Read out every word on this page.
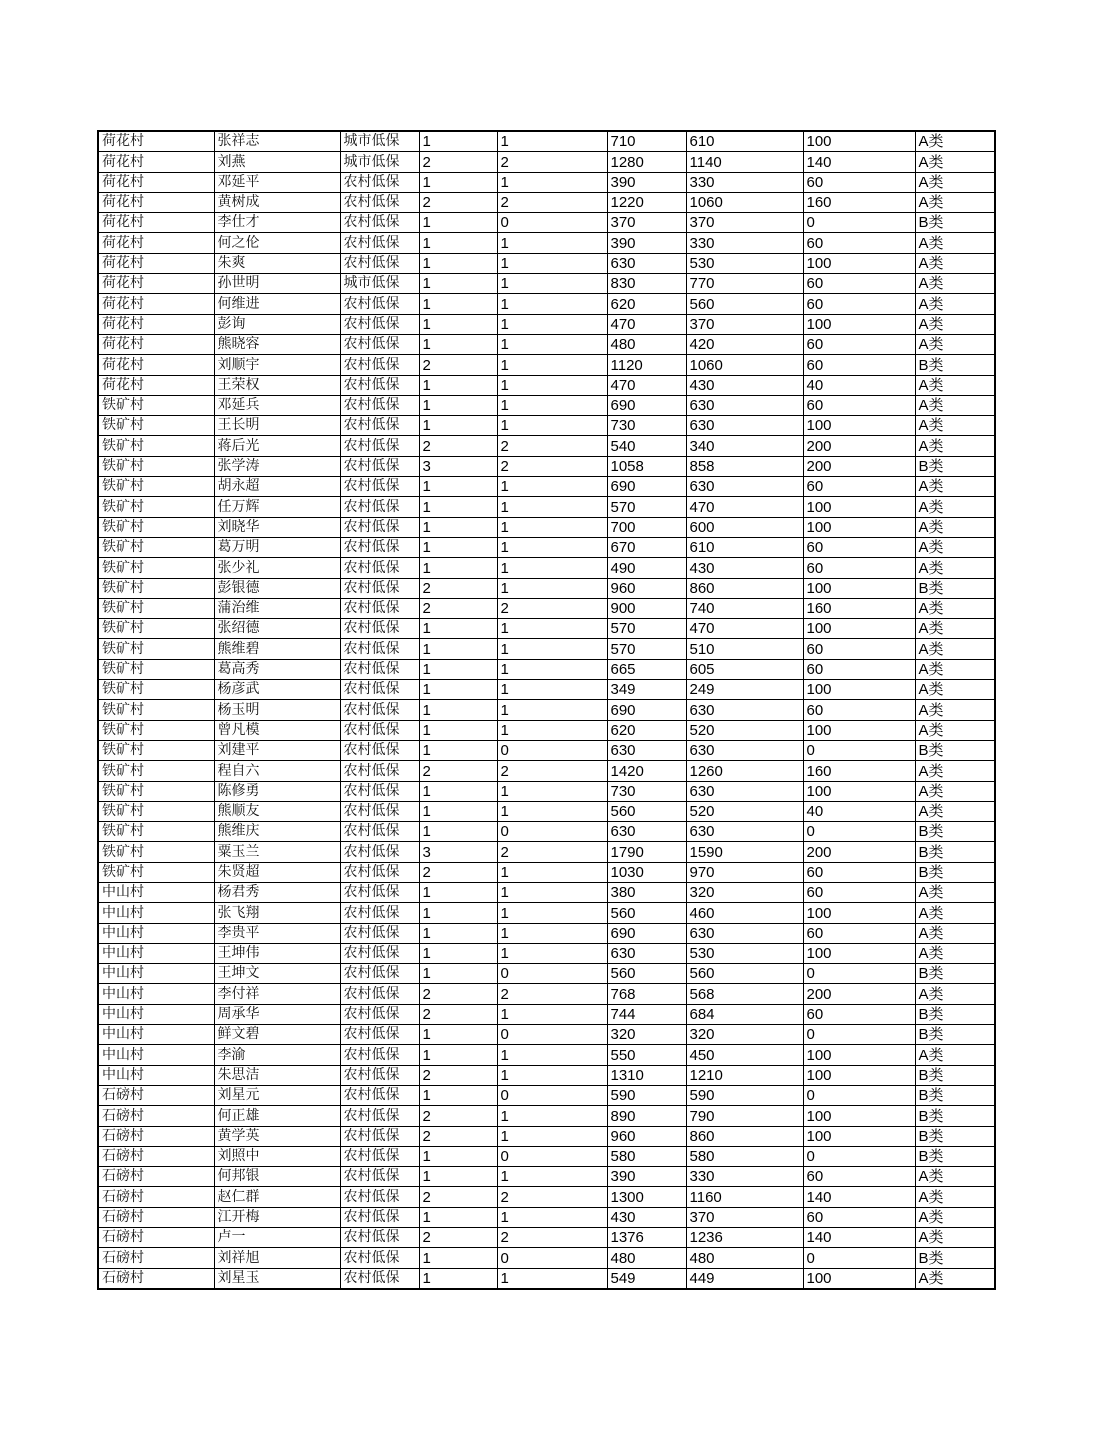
荷花村	张祥志	城市低保	1	1	710	610	100	A类
荷花村	刘燕	城市低保	2	2	1280	1140	140	A类
荷花村	邓延平	农村低保	1	1	390	330	60	A类
荷花村	黄树成	农村低保	2	2	1220	1060	160	A类
荷花村	李仕才	农村低保	1	0	370	370	0	B类
荷花村	何之伦	农村低保	1	1	390	330	60	A类
荷花村	朱爽	农村低保	1	1	630	530	100	A类
荷花村	孙世明	城市低保	1	1	830	770	60	A类
荷花村	何维进	农村低保	1	1	620	560	60	A类
荷花村	彭询	农村低保	1	1	470	370	100	A类
荷花村	熊晓容	农村低保	1	1	480	420	60	A类
荷花村	刘顺宇	农村低保	2	1	1120	1060	60	B类
荷花村	王荣权	农村低保	1	1	470	430	40	A类
铁矿村	邓延兵	农村低保	1	1	690	630	60	A类
铁矿村	王长明	农村低保	1	1	730	630	100	A类
铁矿村	蒋后光	农村低保	2	2	540	340	200	A类
铁矿村	张学涛	农村低保	3	2	1058	858	200	B类
铁矿村	胡永超	农村低保	1	1	690	630	60	A类
铁矿村	任万辉	农村低保	1	1	570	470	100	A类
铁矿村	刘晓华	农村低保	1	1	700	600	100	A类
铁矿村	葛万明	农村低保	1	1	670	610	60	A类
铁矿村	张少礼	农村低保	1	1	490	430	60	A类
铁矿村	彭银德	农村低保	2	1	960	860	100	B类
铁矿村	蒲治维	农村低保	2	2	900	740	160	A类
铁矿村	张绍德	农村低保	1	1	570	470	100	A类
铁矿村	熊维碧	农村低保	1	1	570	510	60	A类
铁矿村	葛高秀	农村低保	1	1	665	605	60	A类
铁矿村	杨彦武	农村低保	1	1	349	249	100	A类
铁矿村	杨玉明	农村低保	1	1	690	630	60	A类
铁矿村	曾凡模	农村低保	1	1	620	520	100	A类
铁矿村	刘建平	农村低保	1	0	630	630	0	B类
铁矿村	程自六	农村低保	2	2	1420	1260	160	A类
铁矿村	陈修勇	农村低保	1	1	730	630	100	A类
铁矿村	熊顺友	农村低保	1	1	560	520	40	A类
铁矿村	熊维庆	农村低保	1	0	630	630	0	B类
铁矿村	粟玉兰	农村低保	3	2	1790	1590	200	B类
铁矿村	朱贤超	农村低保	2	1	1030	970	60	B类
中山村	杨君秀	农村低保	1	1	380	320	60	A类
中山村	张飞翔	农村低保	1	1	560	460	100	A类
中山村	李贵平	农村低保	1	1	690	630	60	A类
中山村	王坤伟	农村低保	1	1	630	530	100	A类
中山村	王坤文	农村低保	1	0	560	560	0	B类
中山村	李付祥	农村低保	2	2	768	568	200	A类
中山村	周承华	农村低保	2	1	744	684	60	B类
中山村	鲜文碧	农村低保	1	0	320	320	0	B类
中山村	李渝	农村低保	1	1	550	450	100	A类
中山村	朱思洁	农村低保	2	1	1310	1210	100	B类
石磅村	刘星元	农村低保	1	0	590	590	0	B类
石磅村	何正雄	农村低保	2	1	890	790	100	B类
石磅村	黄学英	农村低保	2	1	960	860	100	B类
石磅村	刘照中	农村低保	1	0	580	580	0	B类
石磅村	何邦银	农村低保	1	1	390	330	60	A类
石磅村	赵仁群	农村低保	2	2	1300	1160	140	A类
石磅村	江开梅	农村低保	1	1	430	370	60	A类
石磅村	卢一	农村低保	2	2	1376	1236	140	A类
石磅村	刘祥旭	农村低保	1	0	480	480	0	B类
石磅村	刘星玉	农村低保	1	1	549	449	100	A类
